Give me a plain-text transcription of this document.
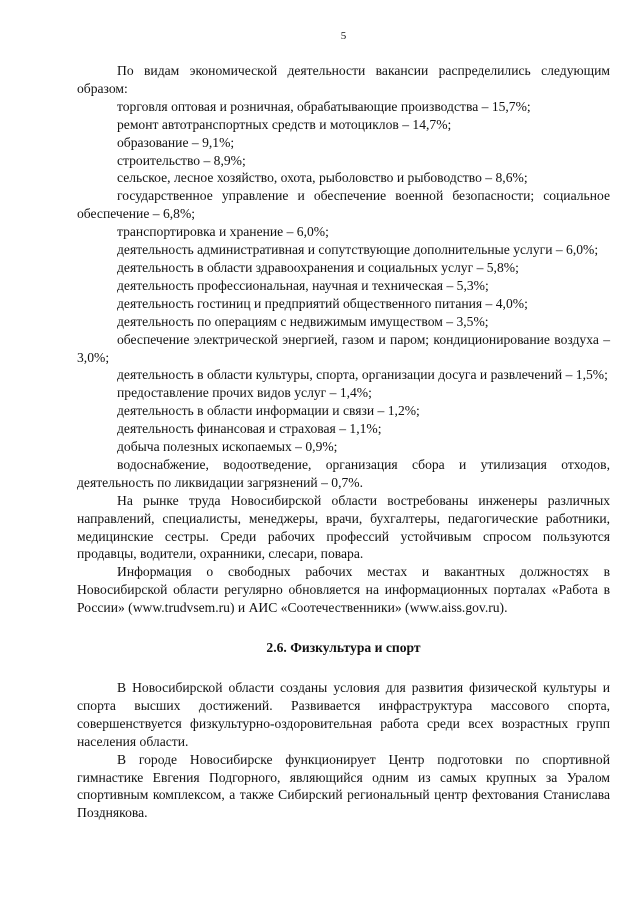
5

По видам экономической деятельности вакансии распределились следующим образом:

торговля оптовая и розничная, обрабатывающие производства – 15,7%;

ремонт автотранспортных средств и мотоциклов – 14,7%;

образование – 9,1%;

строительство – 8,9%;

сельское, лесное хозяйство, охота, рыболовство и рыбоводство – 8,6%;

государственное управление и обеспечение военной безопасности; социальное обеспечение – 6,8%;

транспортировка и хранение – 6,0%;

деятельность административная и сопутствующие дополнительные услуги – 6,0%;

деятельность в области здравоохранения и социальных услуг – 5,8%;

деятельность профессиональная, научная и техническая – 5,3%;

деятельность гостиниц и предприятий общественного питания – 4,0%;

деятельность по операциям с недвижимым имуществом – 3,5%;

обеспечение электрической энергией, газом и паром; кондиционирование воздуха – 3,0%;

деятельность в области культуры, спорта, организации досуга и развлечений – 1,5%;

предоставление прочих видов услуг – 1,4%;

деятельность в области информации и связи – 1,2%;

деятельность финансовая и страховая – 1,1%;

добыча полезных ископаемых – 0,9%;

водоснабжение, водоотведение, организация сбора и утилизация отходов, деятельность по ликвидации загрязнений – 0,7%.

На рынке труда Новосибирской области востребованы инженеры различных направлений, специалисты, менеджеры, врачи, бухгалтеры, педагогические работники, медицинские сестры. Среди рабочих профессий устойчивым спросом пользуются продавцы, водители, охранники, слесари, повара.

Информация о свободных рабочих местах и вакантных должностях в Новосибирской области регулярно обновляется на информационных порталах «Работа в России» (www.trudvsem.ru) и АИС «Соотечественники» (www.aiss.gov.ru).

2.6. Физкультура и спорт

В Новосибирской области созданы условия для развития физической культуры и спорта высших достижений. Развивается инфраструктура массового спорта, совершенствуется физкультурно-оздоровительная работа среди всех возрастных групп населения области.

В городе Новосибирске функционирует Центр подготовки по спортивной гимнастике Евгения Подгорного, являющийся одним из самых крупных за Уралом спортивным комплексом, а также Сибирский региональный центр фехтования Станислава Позднякова.
